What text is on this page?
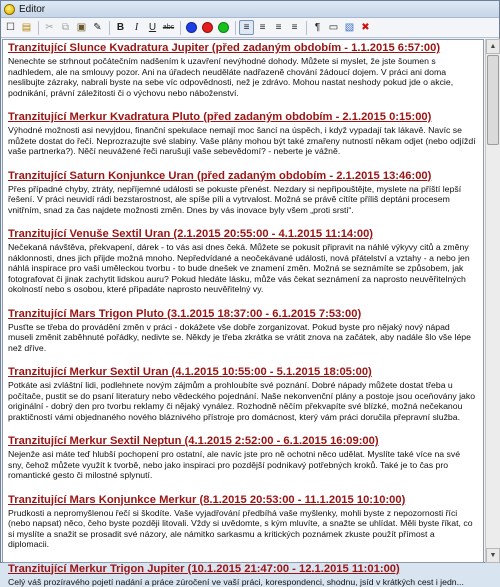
Editor
☐ ▤	✂ ⧉ ▣ ✎	B	I	U abc	≡	≡	≡	≡	¶ ▭ ▧ ✖
Tranzitující Slunce Kvadratura Jupiter (před zadaným obdobím - 1.1.2015 6:57:00)
Nenechte se strhnout počátečním nadšením k uzavření nevýhodné dohody. Můžete si myslet, že jste šoumen s nadhledem, ale na smlouvy pozor. Ani na úřadech neuděláte nadřazeně chování žádoucí dojem. V práci ani doma neslibujte zázraky, nabrali byste na sebe víc odpovědnosti, než je zdrávo. Mohou nastat neshody pokud jde o akcie, podnikání, právní záležitosti či o výchovu nebo náboženství.
Tranzitující Merkur Kvadratura Pluto (před zadaným obdobím - 2.1.2015 0:15:00)
Výhodné možnosti asi nevyjdou, finanční spekulace nemají moc šancí na úspěch, i když vypadají tak lákavě. Navíc se můžete dostat do řečí. Neprozrazujte své slabiny. Vaše plány mohou být také zmařeny nutností někam odjet (nebo odjíždí vaše partnerka?). Něčí neuvážené řeči narušují vaše sebevědomí? - neberte je vážně.
Tranzitující Saturn Konjunkce Uran (před zadaným obdobím - 2.1.2015 13:46:00)
Přes případné chyby, ztráty, nepříjemné události se pokuste přenést. Nezdary si nepřipouštějte, myslete na příští lepší řešení. V práci neuvidí rádi bezstarostnost, ale spíše píli a vytrvalost. Možná se právě cítíte příliš deptáni procesem vnitřním, snad za čas najdete možnosti změn. Dnes by vás inovace byly všem „proti srsti“.
Tranzitující Venuše Sextil Uran (2.1.2015 20:55:00 - 4.1.2015 11:14:00)
Nečekaná návštěva, překvapení, dárek - to vás asi dnes čeká. Můžete se pokusit připravit na náhlé výkyvy citů a změny náklonnosti, dnes jich přijde možná mnoho. Nepředvídané a neočekávané události, nová přátelství a vztahy - a nebo jen náhlá inspirace pro vaši uměleckou tvorbu - to bude dnešek ve znamení změn. Možná se seznámíte se způsobem, jak fotografovat či jinak zachytit lidskou auru? Pokud hledáte lásku, může vás čekat seznámení za naprosto neuvěřitelných okolností nebo s osobou, které připadáte naprosto neuvěřitelný vy.
Tranzitující Mars Trigon Pluto (3.1.2015 18:37:00 - 6.1.2015 7:53:00)
Pusťte se třeba do provádění změn v práci - dokážete vše dobře zorganizovat. Pokud byste pro nějaký nový nápad museli změnit zaběhnuté pořádky, nedivte se. Někdy je třeba zkrátka se vrátit znova na začátek, aby nadále šlo vše lépe než dříve.
Tranzitující Merkur Sextil Uran (4.1.2015 10:55:00 - 5.1.2015 18:05:00)
Potkáte asi zvláštní lidi, podlehnete novým zájmům a prohloubíte své poznání. Dobré nápady můžete dostat třeba u počítače, pustit se do psaní literatury nebo vědeckého pojednání. Naše nekonvenční plány a postoje jsou oceňovány jako originální - dobrý den pro tvorbu reklamy či nějaký vynález. Rozhodně něčím překvapíte své blízké, možná nečekanou praktičností vámi objednaného nového bláznivého přístroje pro domácnost, který vám práci doručila přepravní služba.
Tranzitující Merkur Sextil Neptun (4.1.2015 2:52:00 - 6.1.2015 16:09:00)
Nejenže asi máte teď hlubší pochopení pro ostatní, ale navíc jste pro ně ochotni něco udělat. Myslíte také více na své sny, čehož můžete využít k tvorbě, nebo jako inspiraci pro pozdější podnikavý potřebných kroků. Také je to čas pro romantické gesto či milostné splynutí.
Tranzitující Mars Konjunkce Merkur (8.1.2015 20:53:00 - 11.1.2015 10:10:00)
Prudkosti a nepromyšlenou řečí si škodíte. Vaše vyjadřování předbíhá vaše myšlenky, mohli byste z nepozornosti říci (nebo napsat) něco, čeho byste později litovali. Vždy si uvědomte, s kým mluvíte, a snažte se uhlídat. Měli byste říkat, co si myslíte a snažit se prosadit své názory, ale námitko sarkasmu a kritických poznámek zkuste použít přímost a diplomacii.
Tranzitující Merkur Trigon Jupiter (10.1.2015 21:47:00 - 12.1.2015 11:01:00)
Celý váš prozíravého pojetí nadání a práce zúročení ve vaší práci, korespondenci, shodnu, jsíd v krátkých cest i jedn...
▲
▼
